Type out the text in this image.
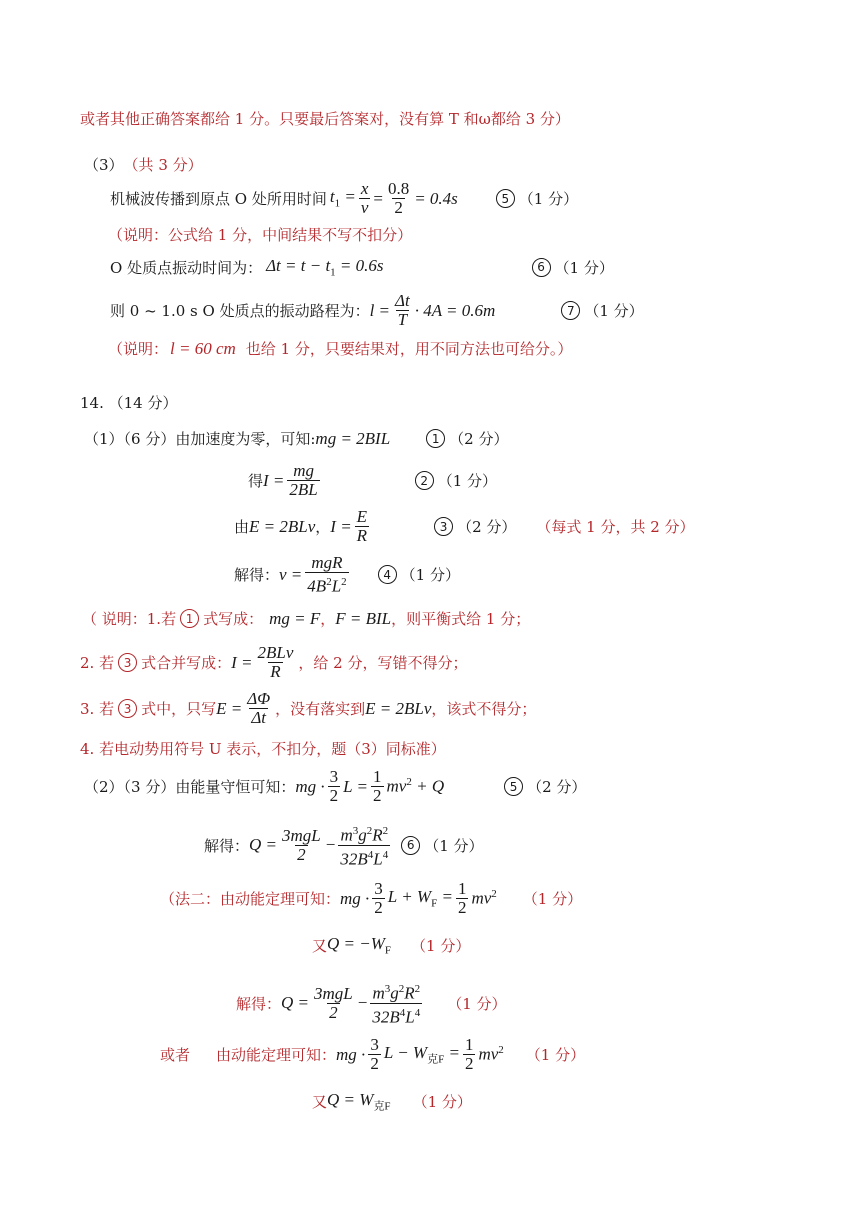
或者其他正确答案都给 1 分。只要最后答案对，没有算 T 和ω都给 3 分）
（3） （共 3 分）
机械波传播到原点 O 处所用时间 $t_1 = \frac{x}{v} = \frac{0.8}{2} = 0.4s$	5 （1 分）
（说明：公式给 1 分，中间结果不写不扣分）
O 处质点振动时间为： $\Delta t = t - t_1 = 0.6s$	6 （1 分）
则 0 ~ 1.0 s O 处质点的振动路程为： $l = \frac{\Delta t}{T} \cdot 4A = 0.6m$	7 （1 分）
（说明： l = 60 cm 也给 1 分，只要结果对，用不同方法也可给分。）
14. （14 分）
（1）（6 分）由加速度为零，可知: mg = 2BIL	1 （2 分）
得 $I = \frac{mg}{2BL}$	2 （1 分）
由 E = 2BLv ， $I = \frac{E}{R}$	3 （2 分） （每式 1 分，共 2 分）
解得： $v = \frac{\text{mgR}}{4B^2L^2}$	4 （1 分）
（ 说明：1.若 1 式写成： mg = F ， F = BIL ，则平衡式给 1 分；
2. 若 3 式合并写成： $I = \frac{\text{2BLv}}{R}$ ，给 2 分，写错不得分；
3. 若 3 式中，只写 $E = \frac{\Delta\Phi}{\Delta t}$ ，没有落实到 E = 2BLv ，该式不得分；
4. 若电动势用符号 U 表示，不扣分，题（3）同标准）
（2）（3 分）由能量守恒可知： mg · $\frac{3}{2}$ $L = \frac{1}{2} mv^2 + Q$	5 （2 分）
解得： $Q = \frac{\text{3mgL}}{2} - \frac{m^3g^2R^2}{32B^4L^4}$	6 （1 分）
（法二：由动能定理可知： mg · $\frac{3}{2}$ $L + W_F = \frac{1}{2} mv^2$ （1 分）
又 $Q = -W_F$ （1 分）
解得： $Q = \frac{\text{3mgL}}{2} - \frac{m^3g^2R^2}{32B^4L^4} (1$ 分）
或者 由动能定理可知： mg · $\frac{3}{2}$ $L - W_{克F} = \frac{1}{2} mv^2$ （1 分）
又 $Q = W_{克F}$ （1 分）
